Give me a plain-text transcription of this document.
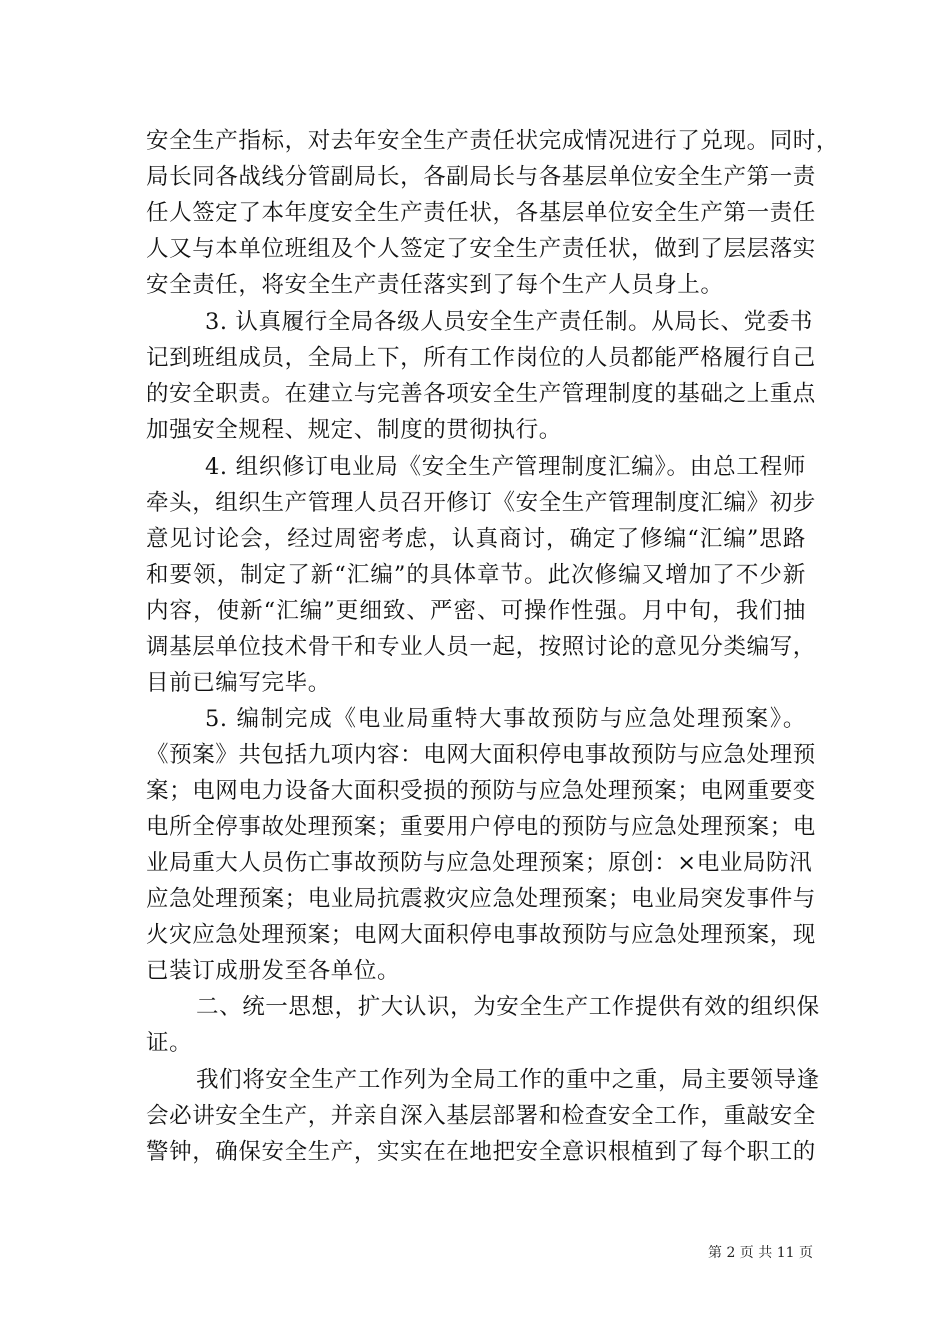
安全生产指标，对去年安全生产责任状完成情况进行了兑现。同时，
局长同各战线分管副局长，各副局长与各基层单位安全生产第一责
任人签定了本年度安全生产责任状，各基层单位安全生产第一责任
人又与本单位班组及个人签定了安全生产责任状，做到了层层落实
安全责任，将安全生产责任落实到了每个生产人员身上。
3. 认真履行全局各级人员安全生产责任制。从局长、党委书
记到班组成员，全局上下，所有工作岗位的人员都能严格履行自己
的安全职责。在建立与完善各项安全生产管理制度的基础之上重点
加强安全规程、规定、制度的贯彻执行。
4. 组织修订电业局《安全生产管理制度汇编》。由总工程师
牵头，组织生产管理人员召开修订《安全生产管理制度汇编》初步
意见讨论会，经过周密考虑，认真商讨，确定了修编“汇编”思路
和要领，制定了新“汇编”的具体章节。此次修编又增加了不少新
内容，使新“汇编”更细致、严密、可操作性强。月中旬，我们抽
调基层单位技术骨干和专业人员一起，按照讨论的意见分类编写，
目前已编写完毕。
5. 编制完成《电业局重特大事故预防与应急处理预案》。
《预案》共包括九项内容：电网大面积停电事故预防与应急处理预
案；电网电力设备大面积受损的预防与应急处理预案；电网重要变
电所全停事故处理预案；重要用户停电的预防与应急处理预案；电
业局重大人员伤亡事故预防与应急处理预案；原创：×电业局防汛
应急处理预案；电业局抗震救灾应急处理预案；电业局突发事件与
火灾应急处理预案；电网大面积停电事故预防与应急处理预案，现
已装订成册发至各单位。
二、统一思想，扩大认识，为安全生产工作提供有效的组织保
证。
我们将安全生产工作列为全局工作的重中之重，局主要领导逢
会必讲安全生产，并亲自深入基层部署和检查安全工作，重敲安全
警钟，确保安全生产，实实在在地把安全意识根植到了每个职工的
第 2 页 共 11 页
